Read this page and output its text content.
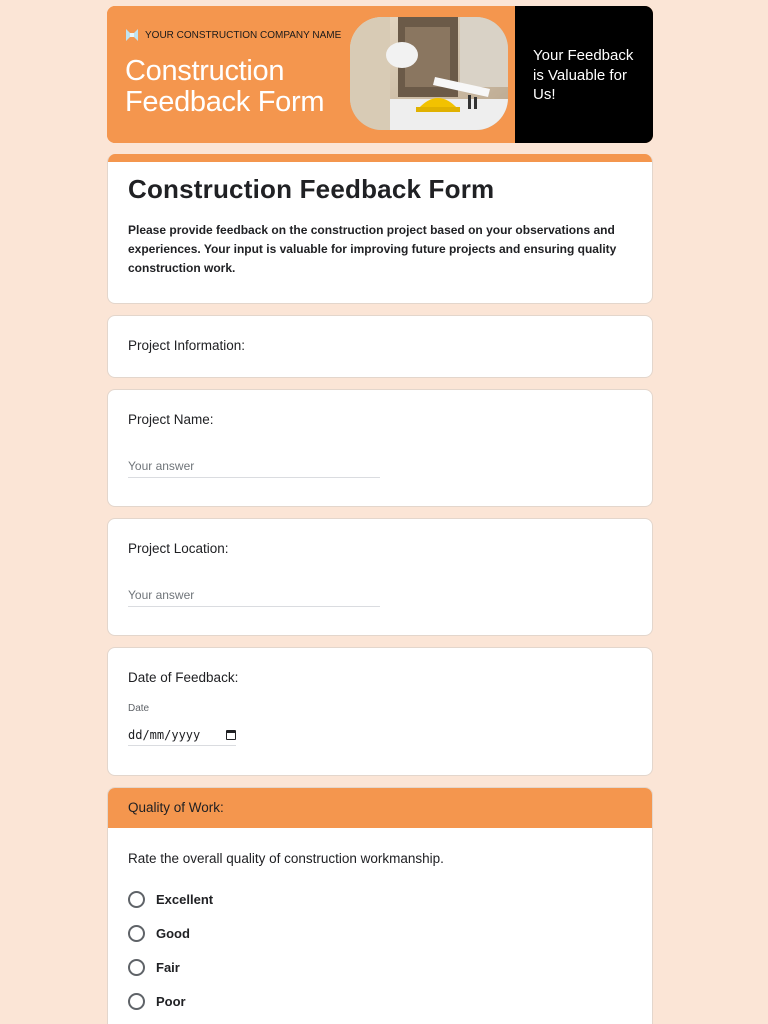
YOUR CONSTRUCTION COMPANY NAME
Construction
Feedback Form
Your Feedback is Valuable for Us!
Construction Feedback Form
Please provide feedback on the construction project based on your observations and experiences. Your input is valuable for improving future projects and ensuring quality construction work.
Project Information:
Project Name:
Your answer
Project Location:
Your answer
Date of Feedback:
Date
dd/mm/yyyy
Quality of Work:
Rate the overall quality of construction workmanship.
Excellent
Good
Fair
Poor
